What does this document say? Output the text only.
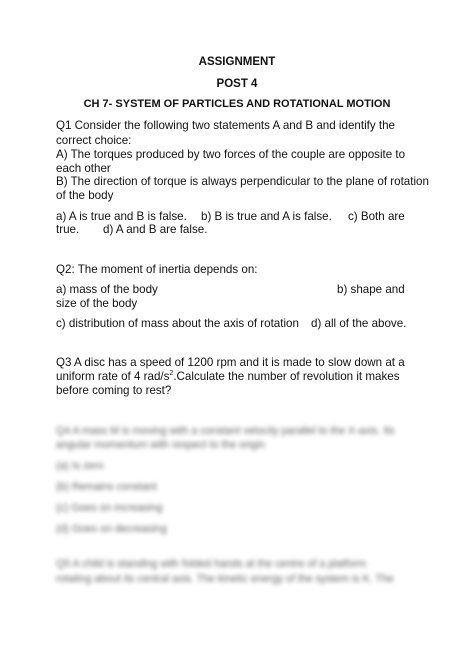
ASSIGNMENT
POST 4
CH 7- SYSTEM OF PARTICLES AND ROTATIONAL MOTION
Q1 Consider the following two statements A and B and identify the
correct choice:
A) The torques produced by two forces of the couple are opposite to
each other
B) The direction of torque is always perpendicular to the plane of rotation
of the body
a) A is true and B is false. b) B is true and A is false. c) Both are
true. d) A and B are false.
Q2: The moment of inertia depends on:
a) mass of the body	b) shape and
size of the body
c) distribution of mass about the axis of rotation d) all of the above.
Q3 A disc has a speed of 1200 rpm and it is made to slow down at a
uniform rate of 4 rad/$s^2.Calculate$ the number of revolution it makes
before coming to rest?
Q4 A mass M is moving with a constant velocity parallel to the X-axis. Its
angular momentum with respect to the origin
(a) Is zero
(b) Remains constant
(c) Goes on increasing
(d) Goes on decreasing
Q5 A child is standing with folded hands at the centre of a platform
rotating about its central axis. The kinetic energy of the system is K. The
